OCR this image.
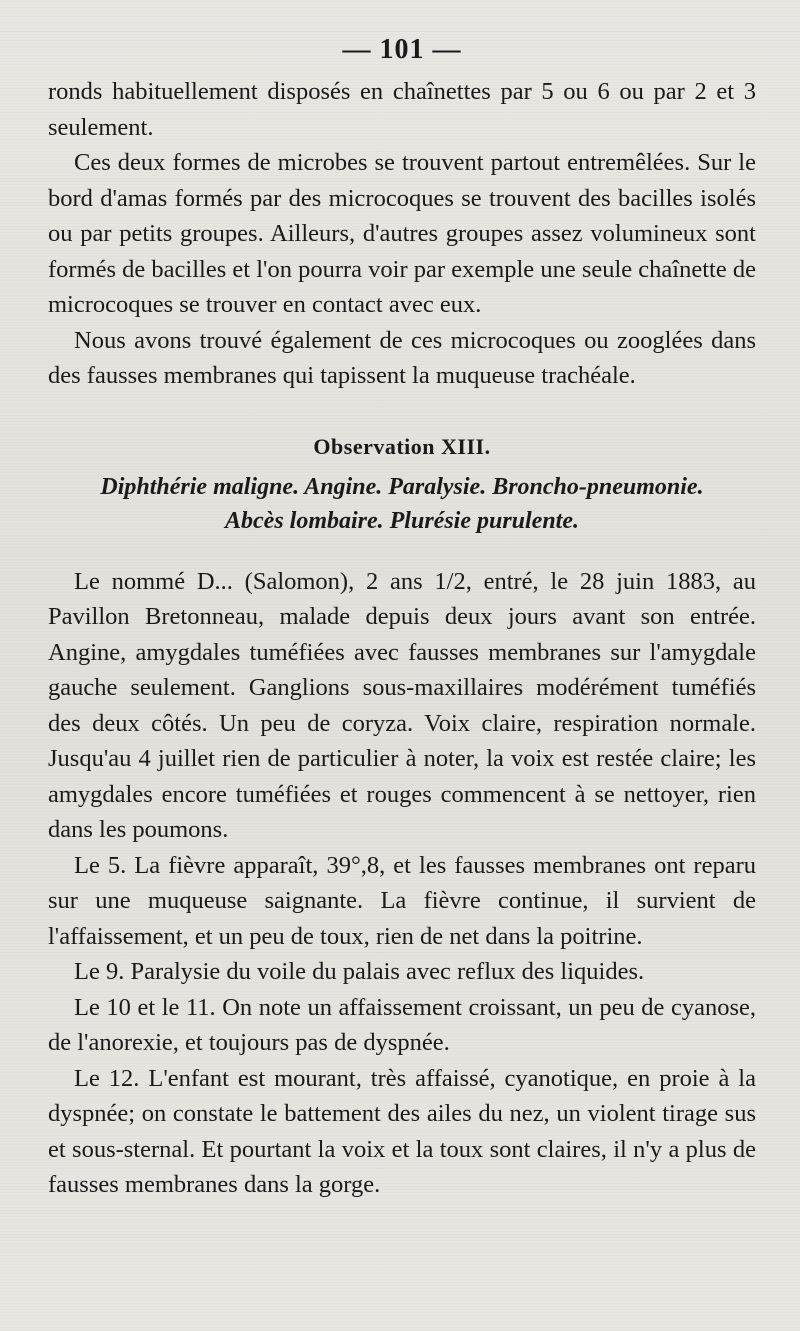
— 101 —

ronds habituellement disposés en chaînettes par 5 ou 6 ou par 2 et 3 seulement.

Ces deux formes de microbes se trouvent partout entremêlées. Sur le bord d'amas formés par des microcoques se trouvent des bacilles isolés ou par petits groupes. Ailleurs, d'autres groupes assez volumineux sont formés de bacilles et l'on pourra voir par exemple une seule chaînette de microcoques se trouver en contact avec eux.

Nous avons trouvé également de ces microcoques ou zooglées dans des fausses membranes qui tapissent la muqueuse trachéale.

Observation XIII.

Diphthérie maligne. Angine. Paralysie. Broncho-pneumonie.

Abcès lombaire. Plurésie purulente.

Le nommé D... (Salomon), 2 ans 1/2, entré, le 28 juin 1883, au Pavillon Bretonneau, malade depuis deux jours avant son entrée. Angine, amygdales tuméfiées avec fausses membranes sur l'amygdale gauche seulement. Ganglions sous-maxillaires modérément tuméfiés des deux côtés. Un peu de coryza. Voix claire, respiration normale. Jusqu'au 4 juillet rien de particulier à noter, la voix est restée claire; les amygdales encore tuméfiées et rouges commencent à se nettoyer, rien dans les poumons.

Le 5. La fièvre apparaît, 39°,8, et les fausses membranes ont reparu sur une muqueuse saignante. La fièvre continue, il survient de l'affaissement, et un peu de toux, rien de net dans la poitrine.

Le 9. Paralysie du voile du palais avec reflux des liquides.

Le 10 et le 11. On note un affaissement croissant, un peu de cyanose, de l'anorexie, et toujours pas de dyspnée.

Le 12. L'enfant est mourant, très affaissé, cyanotique, en proie à la dyspnée; on constate le battement des ailes du nez, un violent tirage sus et sous-sternal. Et pourtant la voix et la toux sont claires, il n'y a plus de fausses membranes dans la gorge.
